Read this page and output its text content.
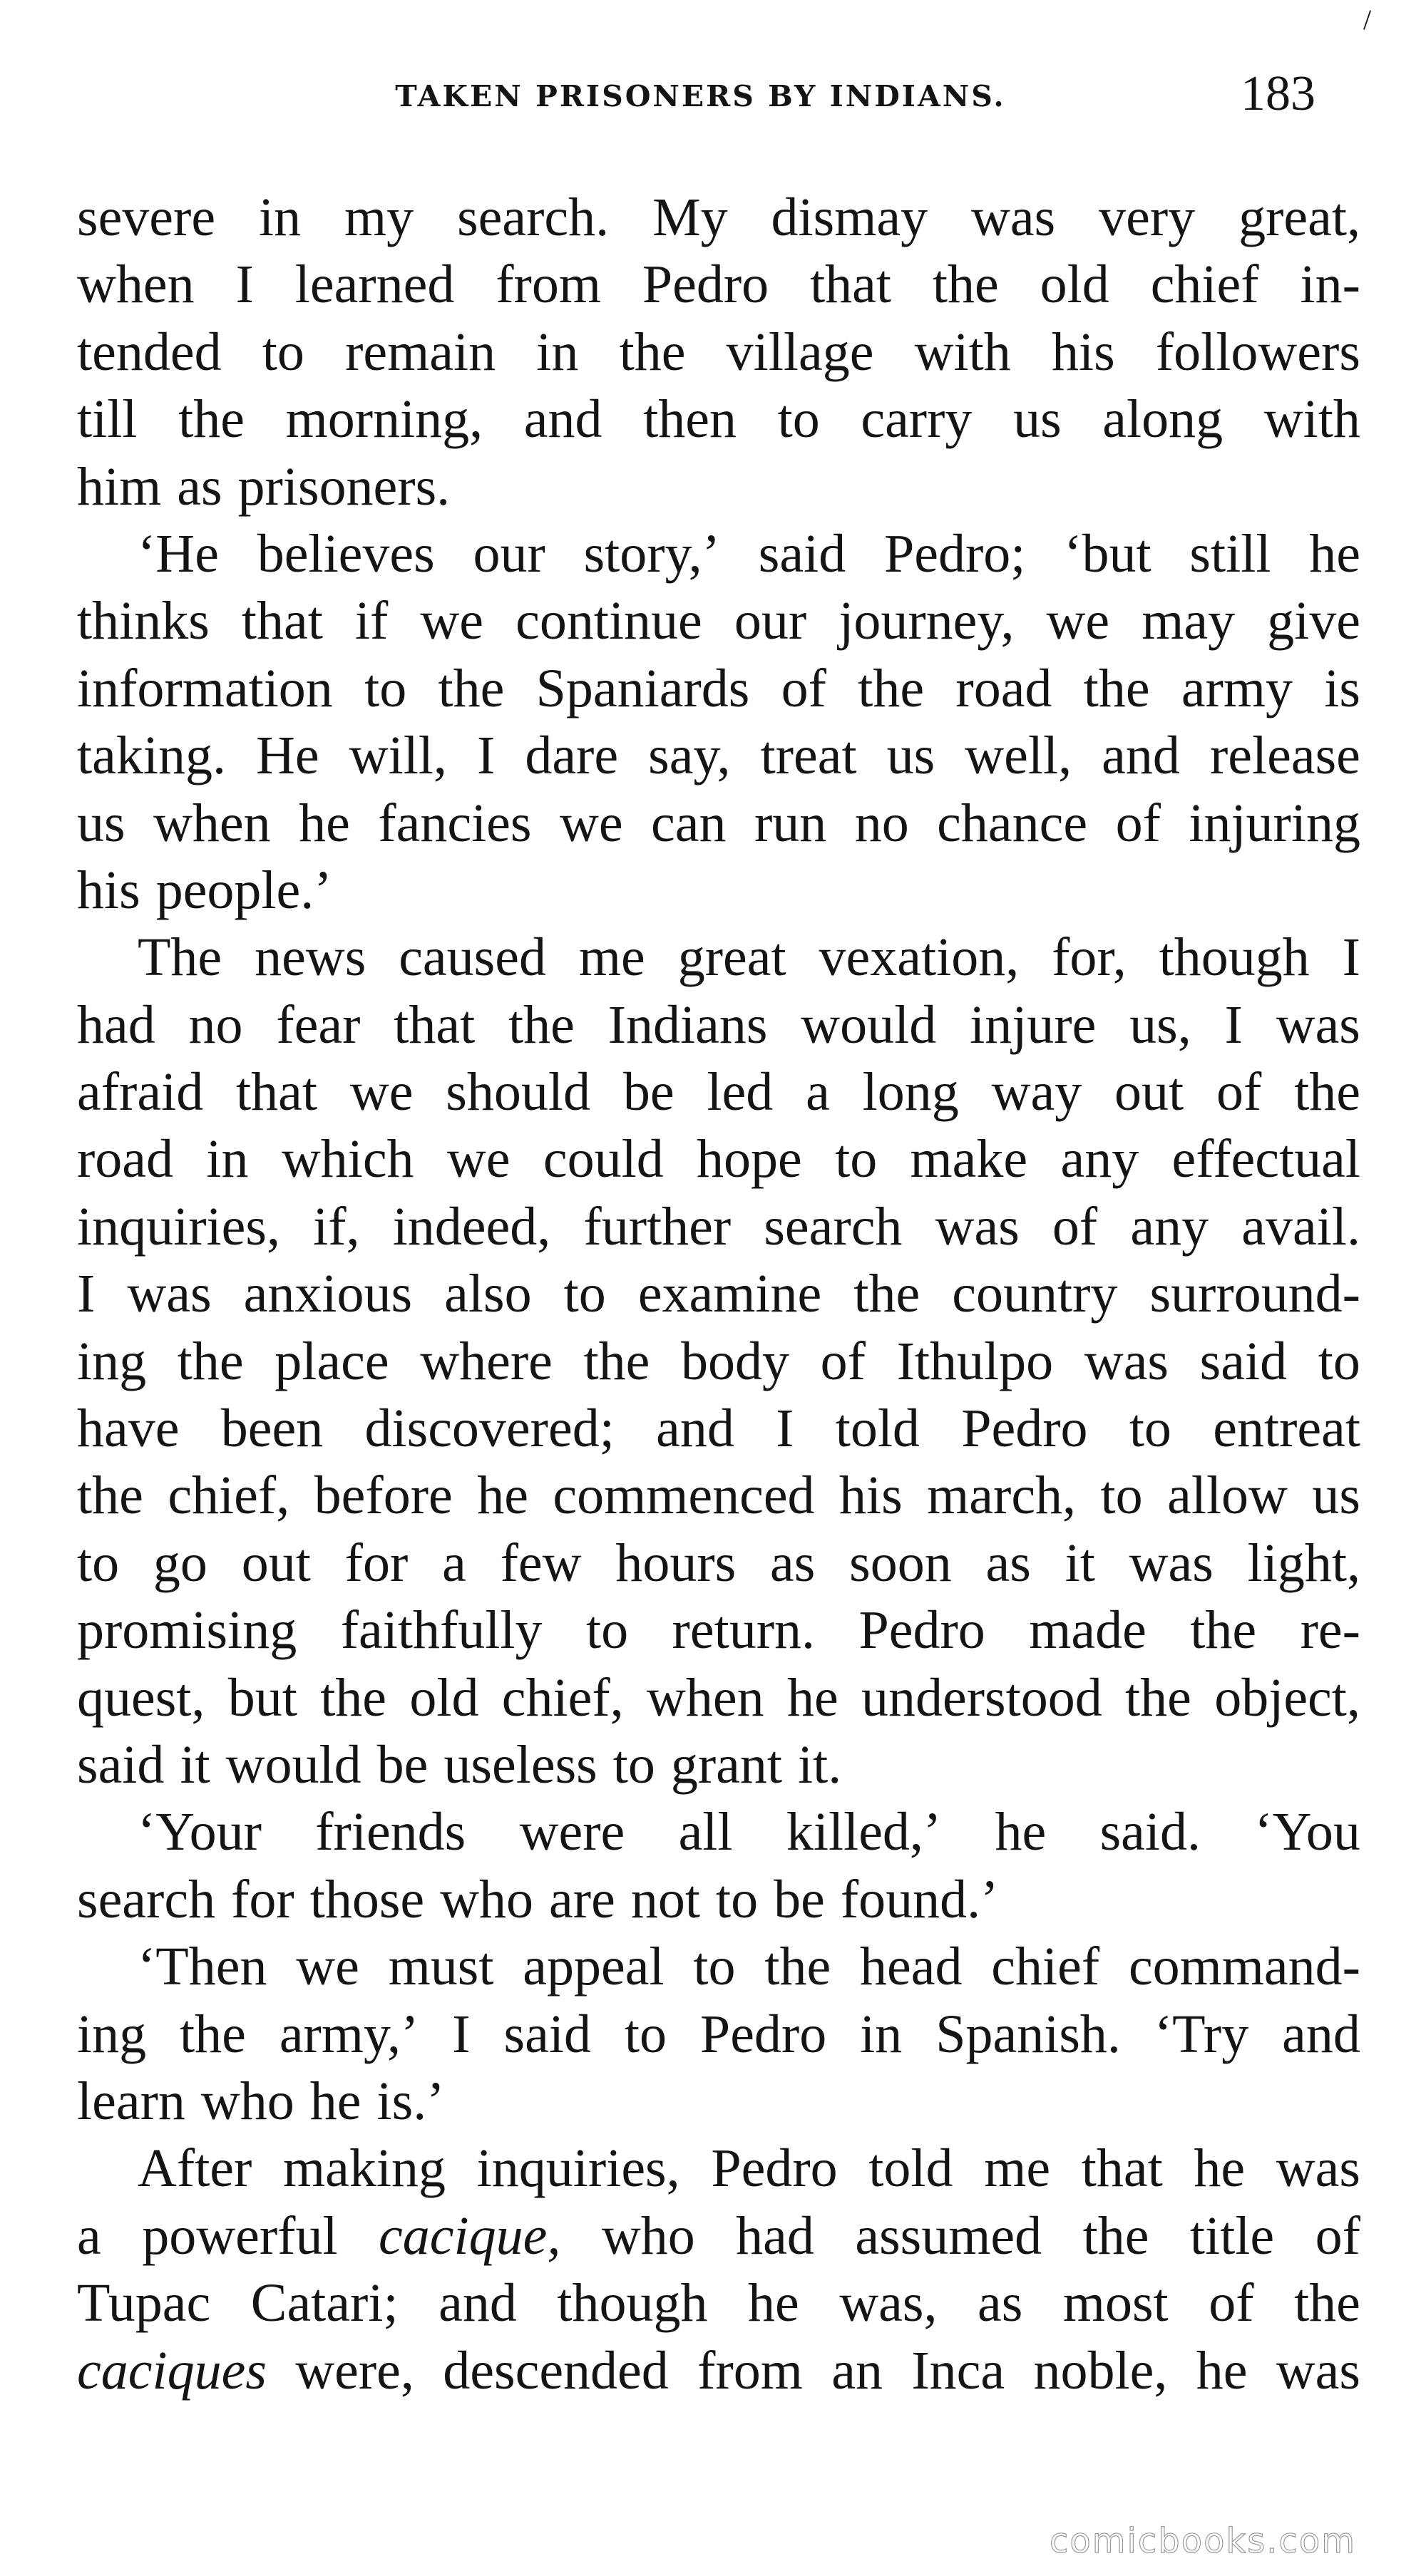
TAKEN PRISONERS BY INDIANS.	183
/
severe in my search. My dismay was very great,
when I learned from Pedro that the old chief in-
tended to remain in the village with his followers
till the morning, and then to carry us along with
him as prisoners.
‘He believes our story,’ said Pedro; ‘but still he
thinks that if we continue our journey, we may give
information to the Spaniards of the road the army is
taking. He will, I dare say, treat us well, and release
us when he fancies we can run no chance of injuring
his people.’
The news caused me great vexation, for, though I
had no fear that the Indians would injure us, I was
afraid that we should be led a long way out of the
road in which we could hope to make any effectual
inquiries, if, indeed, further search was of any avail.
I was anxious also to examine the country surround-
ing the place where the body of Ithulpo was said to
have been discovered; and I told Pedro to entreat
the chief, before he commenced his march, to allow us
to go out for a few hours as soon as it was light,
promising faithfully to return. Pedro made the re-
quest, but the old chief, when he understood the object,
said it would be useless to grant it.
‘Your friends were all killed,’ he said. ‘You
search for those who are not to be found.’
‘Then we must appeal to the head chief command-
ing the army,’ I said to Pedro in Spanish. ‘Try and
learn who he is.’
After making inquiries, Pedro told me that he was
a powerful cacique, who had assumed the title of
Tupac Catari; and though he was, as most of the
caciques were, descended from an Inca noble, he was
comicbooks.com
